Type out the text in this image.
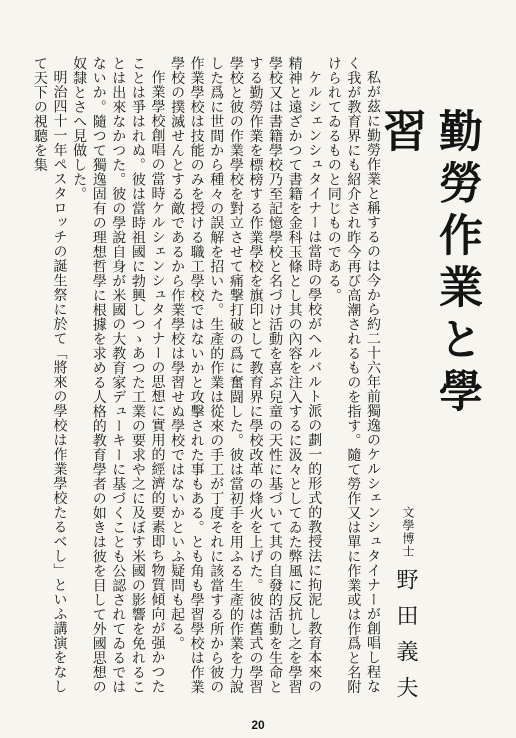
勤勞作業と學習
文學博士
野田義夫

私が茲に勤勞作業と稱するのは今から約二十六年前獨逸のケルシェンシュタイナーが創唱し程なく我が教育界にも紹介され昨今再び高潮されるものを指す。隨て勞作又は單に作業或は作爲と名附けられてゐるものと同じものである。

ケルシェンシュタイナーは當時の學校がヘルバルト派の劃一的形式的教授法に拘泥し教育本來の精神と遠ざかつて書籍を金科玉條とし其の內容を注入するに汲々としてゐた弊風に反抗し之を學習學校又は書籍學校乃至記憶學校と名づけ活動を喜ぶ兒童の天性に基づいて其の自發的活動を生命とする勤勞作業を標榜する作業學校を旗印として教育界に學校改革の烽火を上げた。彼は舊式の學習學校と彼の作業學校を對立させて痛撃打破の爲に奮闘した。彼は當初手を用ふる生產的作業を力說した爲に世間から種々の誤解を招いた。生產的作業は從來の手工が丁度それに該當する所から彼の作業學校は技能のみを授ける職工學校ではないかと攻擊された事もある。とも角も學習學校は作業學校の撲滅せんとする敵であるから作業學校は學習せぬ學校ではないかといふ疑問も起る。

作業學校創唱の當時ケルシェンシュタイナーの思想に實用的經濟的要素即ち物質傾向が强かつたことは爭はれぬ。彼は當時祖國に勃興しつゝあつた工業の要求や之に及ぼす米國の影響を免れることは出來なかつた。彼の學說自身が米國の大教育家デューキーに基づくことも公認されてゐるではないか。隨つて獨逸固有の理想哲學に根據を求める人格的教育學者の如きは彼を目して外國思想の奴隸とさへ見做した。

明治四十一年ペスタロッチの誕生祭に於て「將來の學校は作業學校たるべし」といふ講演をなして天下の視聽を集

20
